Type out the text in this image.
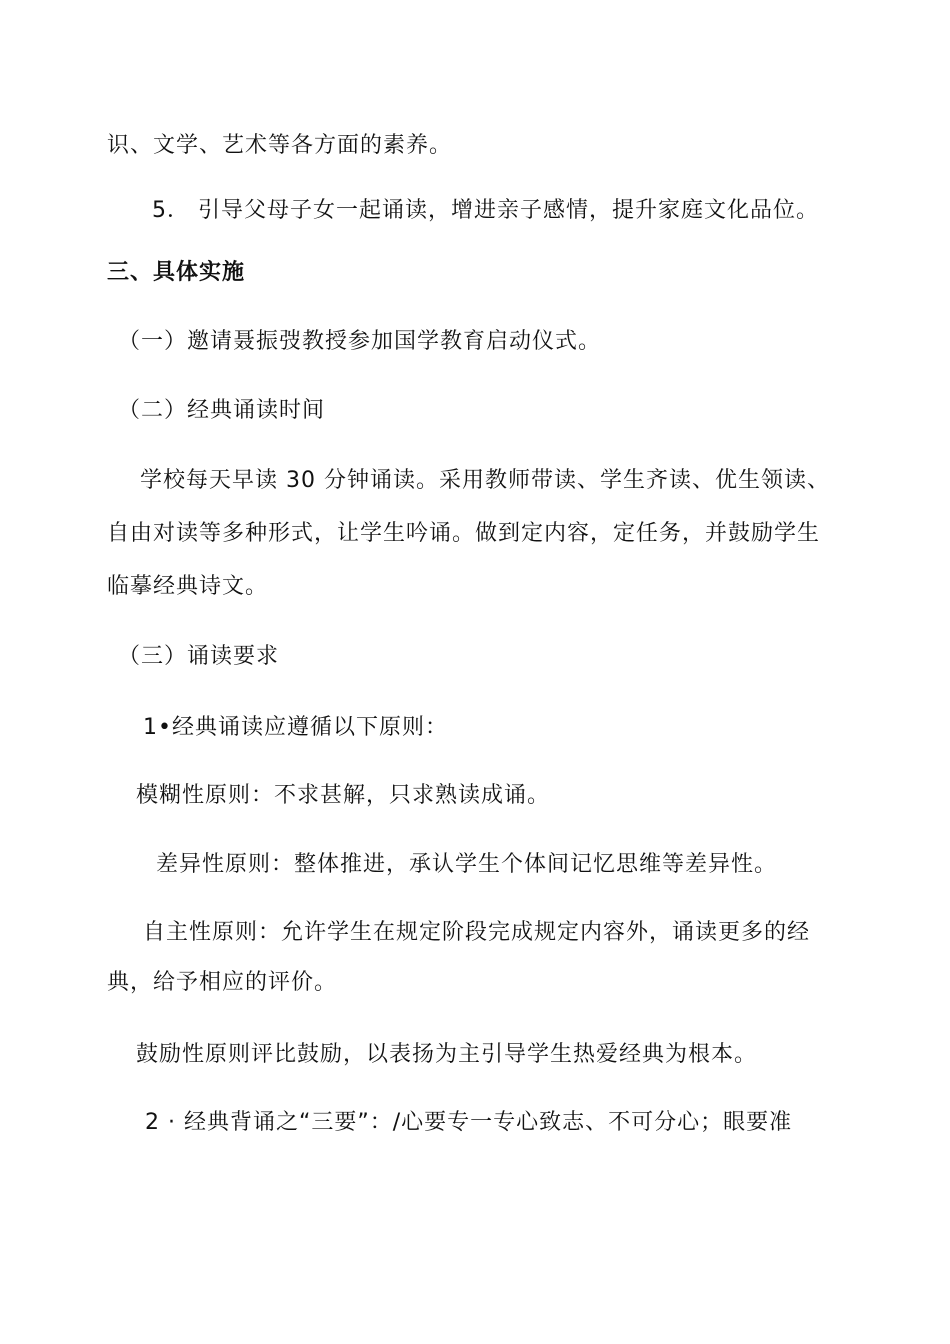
识、文学、艺术等各方面的素养。
5． 引导父母子女一起诵读，增进亲子感情，提升家庭文化品位。
三、具体实施
（一）邀请聂振弢教授参加国学教育启动仪式。
（二）经典诵读时间
学校每天早读 30 分钟诵读。采用教师带读、学生齐读、优生领读、
自由对读等多种形式，让学生吟诵。做到定内容，定任务，并鼓励学生
临摹经典诗文。
（三）诵读要求
1•经典诵读应遵循以下原则：
模糊性原则：不求甚解，只求熟读成诵。
差异性原则：整体推进，承认学生个体间记忆思维等差异性。
自主性原则：允许学生在规定阶段完成规定内容外，诵读更多的经
典，给予相应的评价。
鼓励性原则评比鼓励，以表扬为主引导学生热爱经典为根本。
2 · 经典背诵之“三要”：/心要专一专心致志、不可分心；眼要准
